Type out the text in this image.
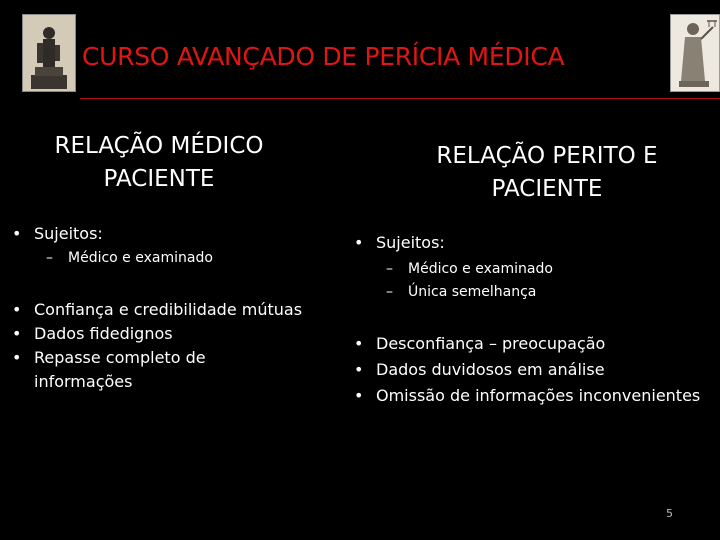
CURSO AVANÇADO DE PERÍCIA MÉDICA
RELAÇÃO MÉDICO
PACIENTE
• Sujeitos:
– Médico e examinado
• Confiança e credibilidade mútuas
• Dados fidedignos
• Repasse completo de
informações
RELAÇÃO PERITO E
PACIENTE
• Sujeitos:
– Médico e examinado
– Única semelhança
• Desconfiança – preocupação
• Dados duvidosos em análise
• Omissão de informações inconvenientes
5
